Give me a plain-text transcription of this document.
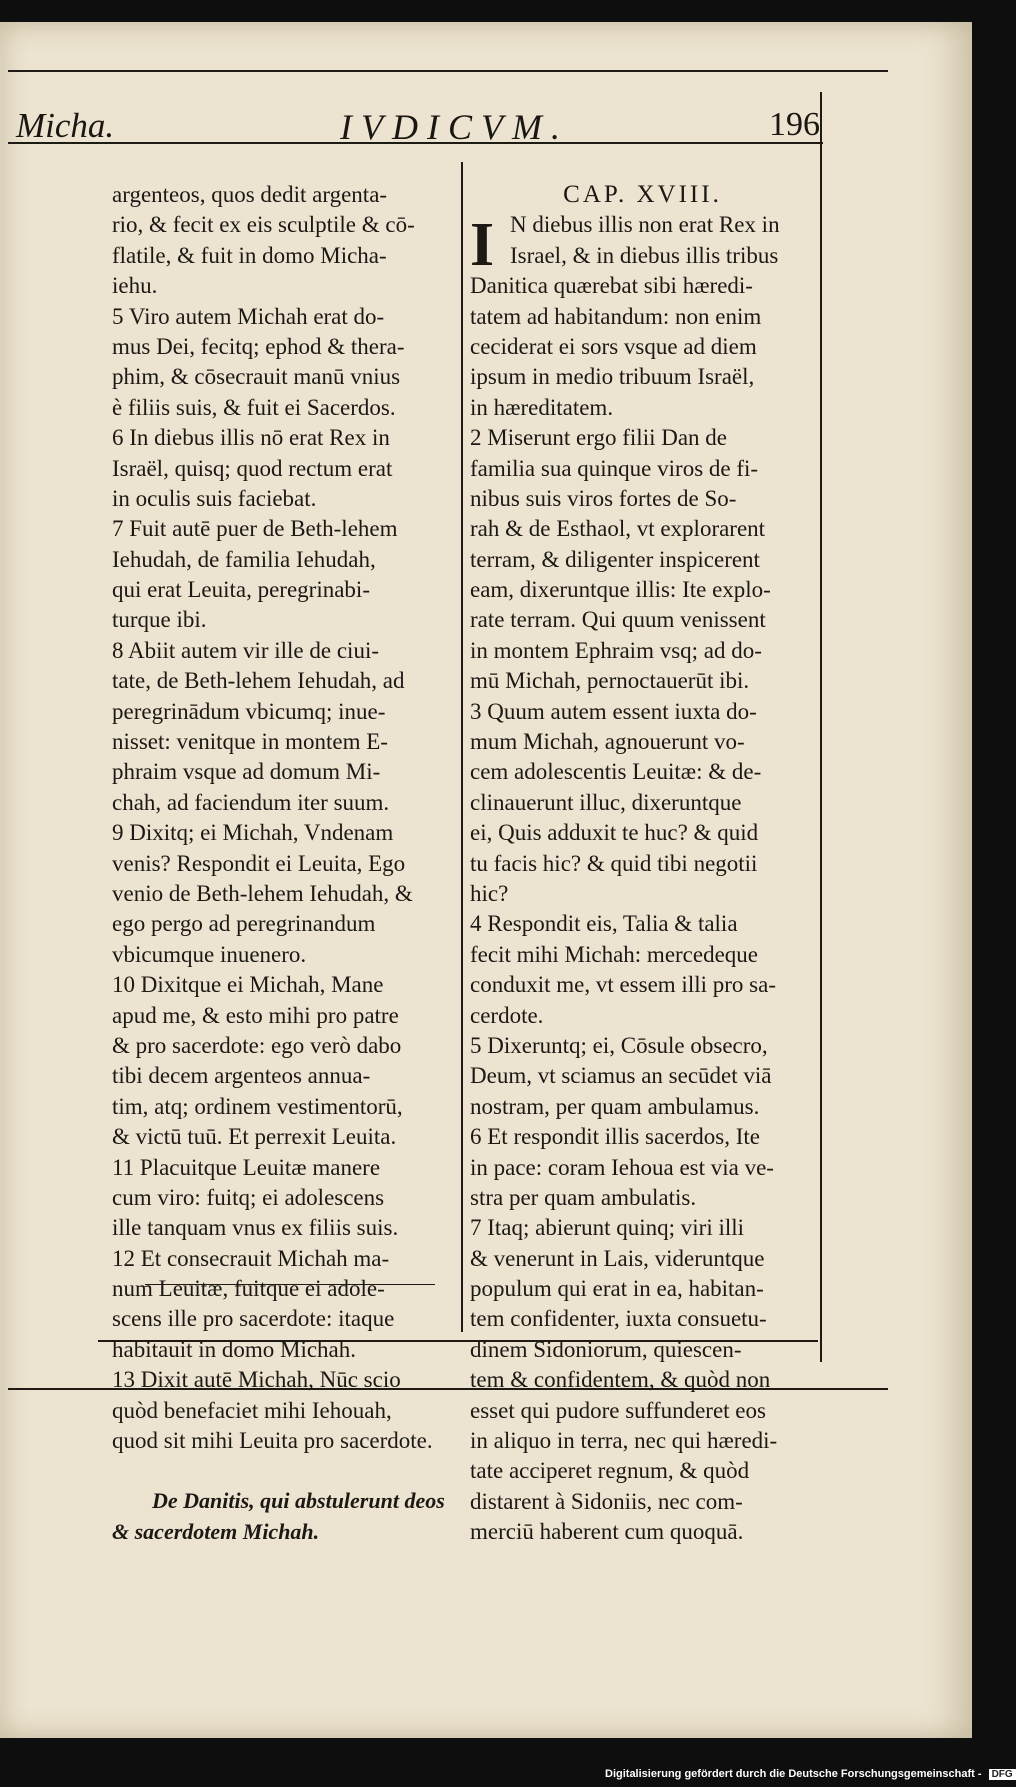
Micha.	IVDICVM.	196
argenteos, quos dedit argenta-
rio, & fecit ex eis sculptile & cō-
flatile, & fuit in domo Micha-
iehu.
5 Viro autem Michah erat do-
mus Dei, fecitq; ephod & thera-
phim, & cōsecrauit manū vnius
è filiis suis, & fuit ei Sacerdos.
6 In diebus illis nō erat Rex in
Israël, quisq; quod rectum erat
in oculis suis faciebat.
7 Fuit autē puer de Beth-lehem
Iehudah, de familia Iehudah,
qui erat Leuita, peregrinabi-
turque ibi.
8 Abiit autem vir ille de ciui-
tate, de Beth-lehem Iehudah, ad
peregrinādum vbicumq; inue-
nisset: venitque in montem E-
phraim vsque ad domum Mi-
chah, ad faciendum iter suum.
9 Dixitq; ei Michah, Vndenam
venis? Respondit ei Leuita, Ego
venio de Beth-lehem Iehudah, &
ego pergo ad peregrinandum
vbicumque inuenero.
10 Dixitque ei Michah, Mane
apud me, & esto mihi pro patre
& pro sacerdote: ego verò dabo
tibi decem argenteos annua-
tim, atq; ordinem vestimentorū,
& victū tuū. Et perrexit Leuita.
11 Placuitque Leuitæ manere
cum viro: fuitq; ei adolescens
ille tanquam vnus ex filiis suis.
12 Et consecrauit Michah ma-
num Leuitæ, fuitque ei adole-
scens ille pro sacerdote: itaque
habitauit in domo Michah.
13 Dixit autē Michah, Nūc scio
quòd benefaciet mihi Iehouah,
quod sit mihi Leuita pro sacerdote.
De Danitis, qui abstulerunt deos
& sacerdotem Michah.
CAP. XVIII.
I N diebus illis non erat Rex in
Israel, & in diebus illis tribus
Danitica quærebat sibi hæredi-
tatem ad habitandum: non enim
ceciderat ei sors vsque ad diem
ipsum in medio tribuum Israël,
in hæreditatem.
2 Miserunt ergo filii Dan de
familia sua quinque viros de fi-
nibus suis viros fortes de So-
rah & de Esthaol, vt explorarent
terram, & diligenter inspicerent
eam, dixeruntque illis: Ite explo-
rate terram. Qui quum venissent
in montem Ephraim vsq; ad do-
mū Michah, pernoctauerūt ibi.
3 Quum autem essent iuxta do-
mum Michah, agnouerunt vo-
cem adolescentis Leuitæ: & de-
clinauerunt illuc, dixeruntque
ei, Quis adduxit te huc? & quid
tu facis hic? & quid tibi negotii
hic?
4 Respondit eis, Talia & talia
fecit mihi Michah: mercedeque
conduxit me, vt essem illi pro sa-
cerdote.
5 Dixeruntq; ei, Cōsule obsecro,
Deum, vt sciamus an secūdet viā
nostram, per quam ambulamus.
6 Et respondit illis sacerdos, Ite
in pace: coram Iehoua est via ve-
stra per quam ambulatis.
7 Itaq; abierunt quinq; viri illi
& venerunt in Lais, videruntque
populum qui erat in ea, habitan-
tem confidenter, iuxta consuetu-
dinem Sidoniorum, quiescen-
tem & confidentem, & quòd non
esset qui pudore suffunderet eos
in aliquo in terra, nec qui hæredi-
tate acciperet regnum, & quòd
distarent à Sidoniis, nec com-
merciū haberent cum quoquā.
Digitalisierung gefördert durch die Deutsche Forschungsgemeinschaft - DFG
